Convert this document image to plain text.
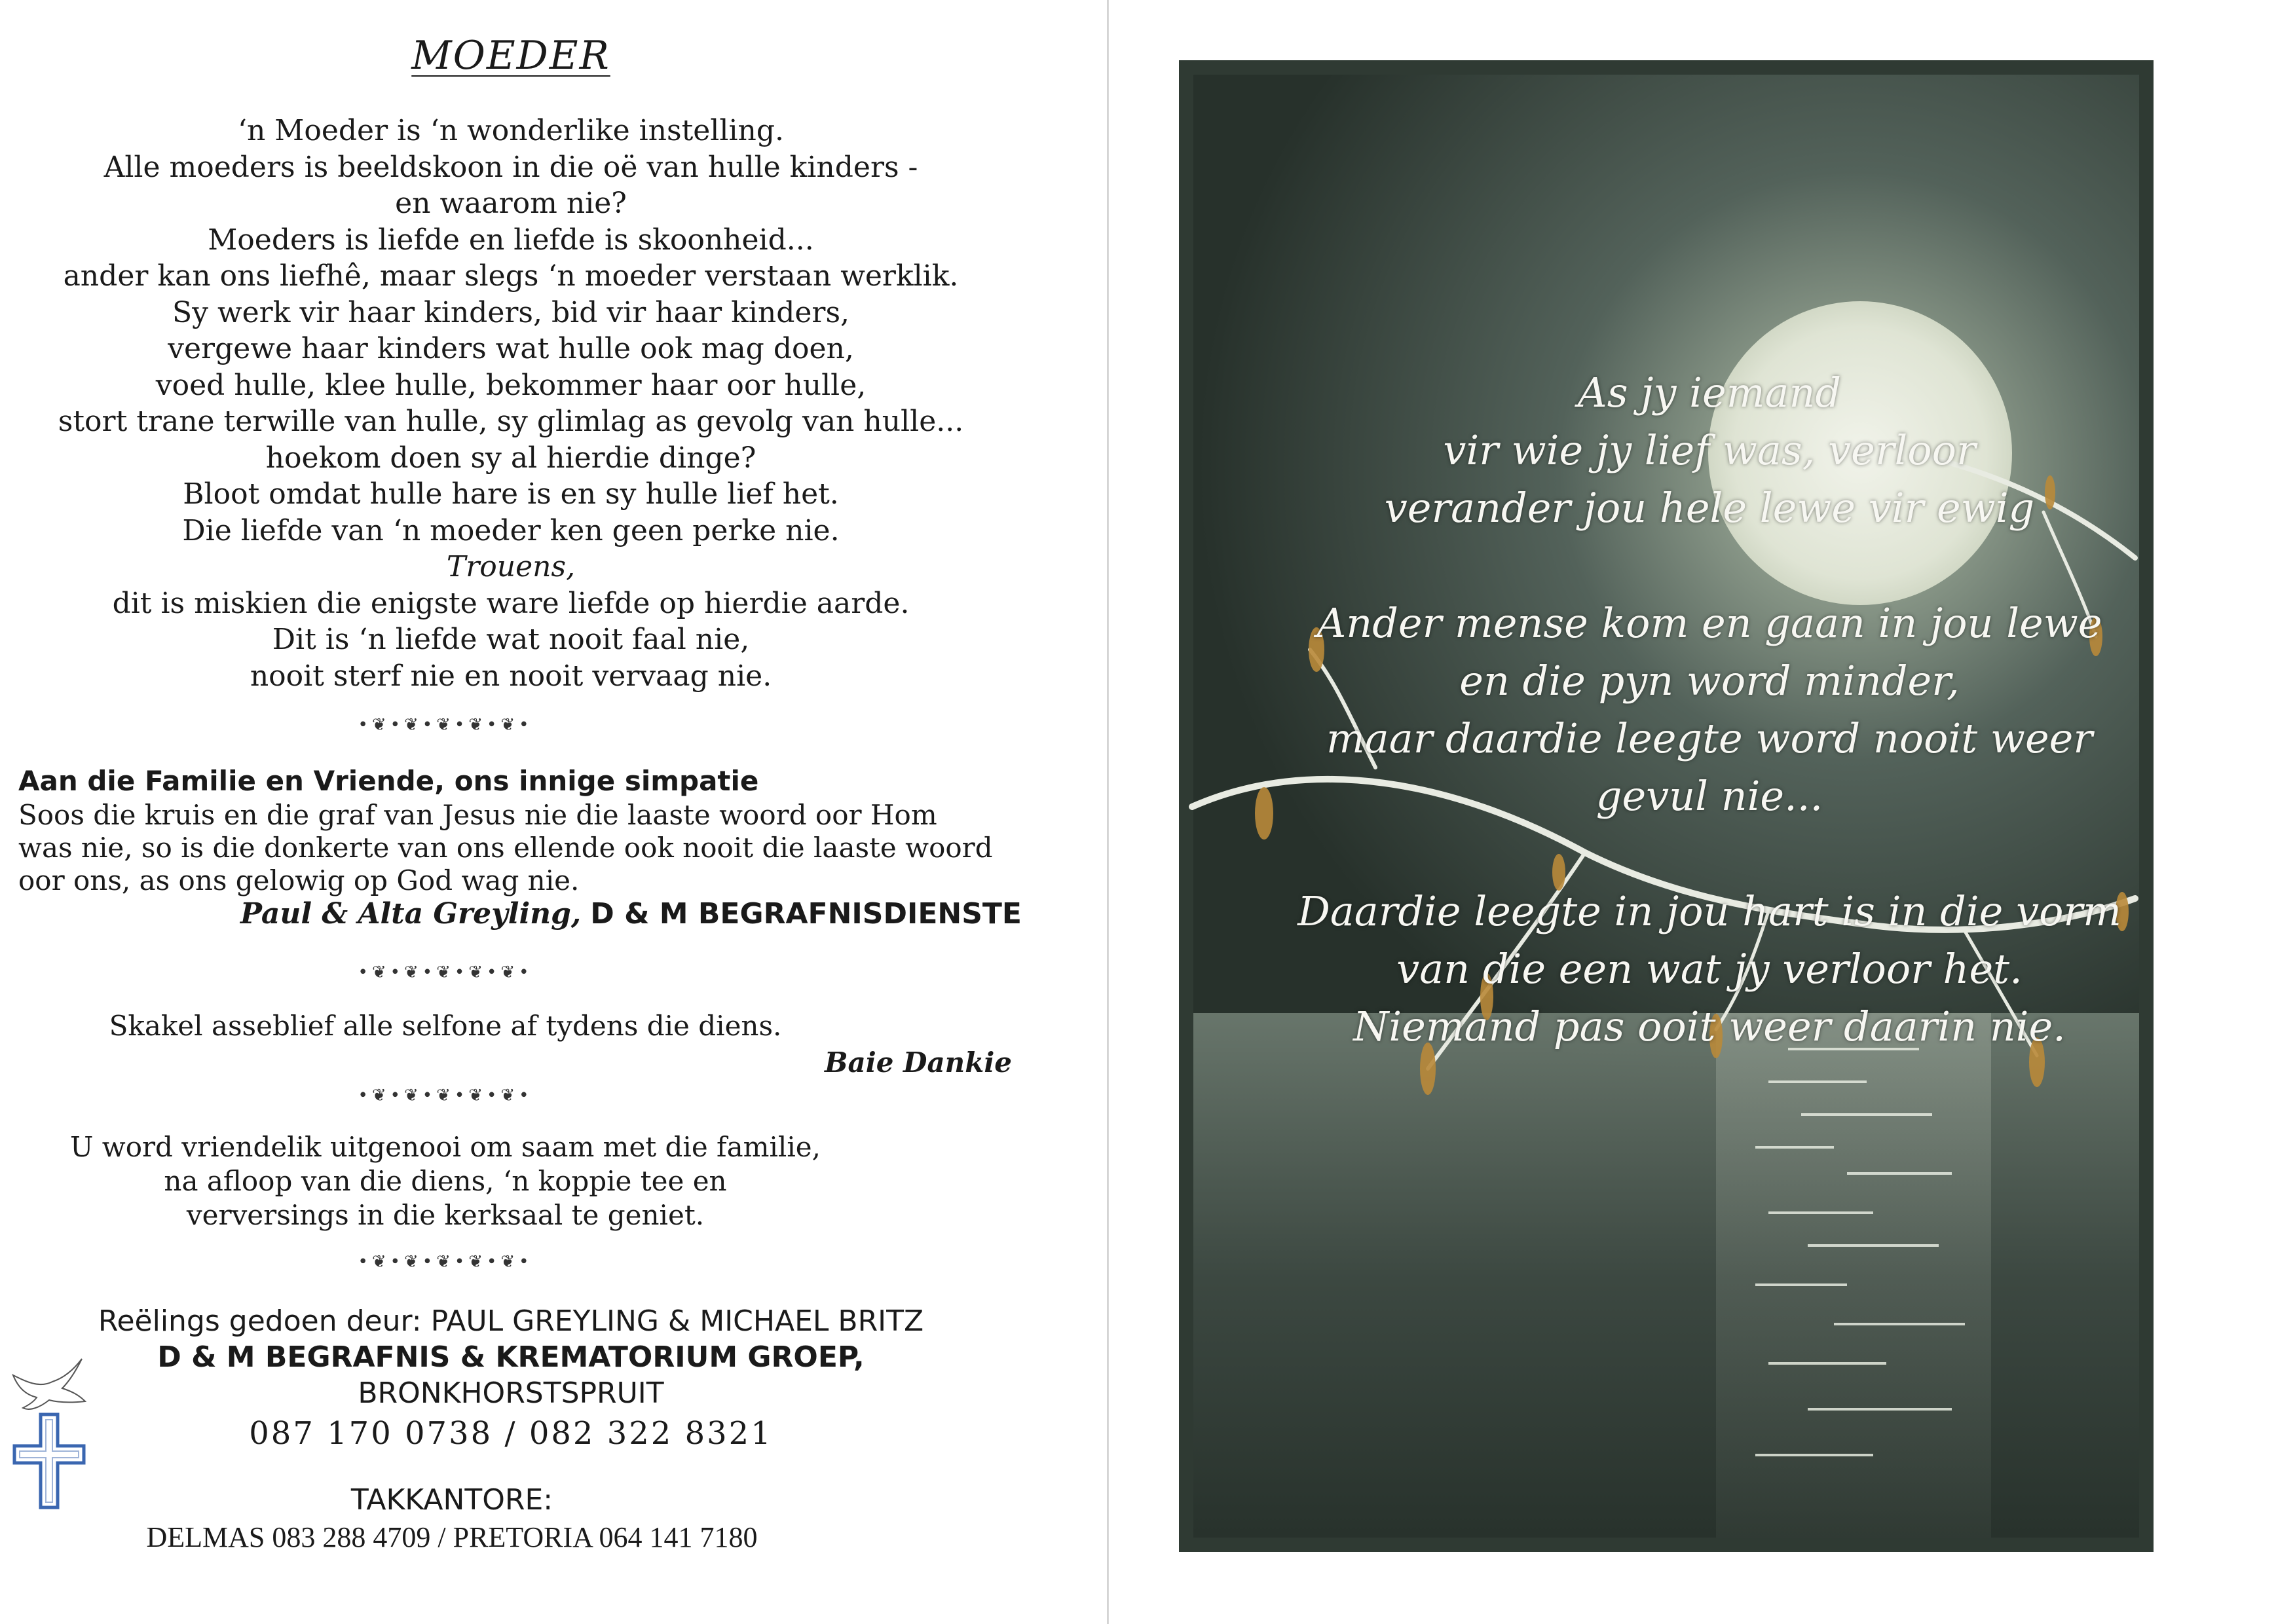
MOEDER
‘n Moeder is ‘n wonderlike instelling.
Alle moeders is beeldskoon in die oë van hulle kinders -
en waarom nie?
Moeders is liefde en liefde is skoonheid...
ander kan ons liefhê, maar slegs ‘n moeder verstaan werklik.
Sy werk vir haar kinders, bid vir haar kinders,
vergewe haar kinders wat hulle ook mag doen,
voed hulle, klee hulle, bekommer haar oor hulle,
stort trane terwille van hulle, sy glimlag as gevolg van hulle...
hoekom doen sy al hierdie dinge?
Bloot omdat hulle hare is en sy hulle lief het.
Die liefde van ‘n moeder ken geen perke nie.
Trouens,
dit is miskien die enigste ware liefde op hierdie aarde.
Dit is ‘n liefde wat nooit faal nie,
nooit sterf nie en nooit vervaag nie.
•❦•❦•❦•❦•❦•
Aan die Familie en Vriende, ons innige simpatie
Soos die kruis en die graf van Jesus nie die laaste woord oor Hom
was nie, so is die donkerte van ons ellende ook nooit die laaste woord
oor ons, as ons gelowig op God wag nie.
Paul & Alta Greyling, D & M BEGRAFNISDIENSTE
•❦•❦•❦•❦•❦•
Skakel asseblief alle selfone af tydens die diens.
Baie Dankie
•❦•❦•❦•❦•❦•
U word vriendelik uitgenooi om saam met die familie,
na afloop van die diens, ‘n koppie tee en
verversings in die kerksaal te geniet.
•❦•❦•❦•❦•❦•
Reëlings gedoen deur: PAUL GREYLING & MICHAEL BRITZ
D & M BEGRAFNIS & KREMATORIUM GROEP,
BRONKHORSTSPRUIT
087 170 0738 / 082 322 8321
TAKKANTORE:
DELMAS 083 288 4709 / PRETORIA 064 141 7180
As jy iemand
vir wie jy lief was, verloor
verander jou hele lewe vir ewig
Ander mense kom en gaan in jou lewe
en die pyn word minder,
maar daardie leegte word nooit weer
gevul nie...
Daardie leegte in jou hart is in die vorm
van die een wat jy verloor het.
Niemand pas ooit weer daarin nie.
